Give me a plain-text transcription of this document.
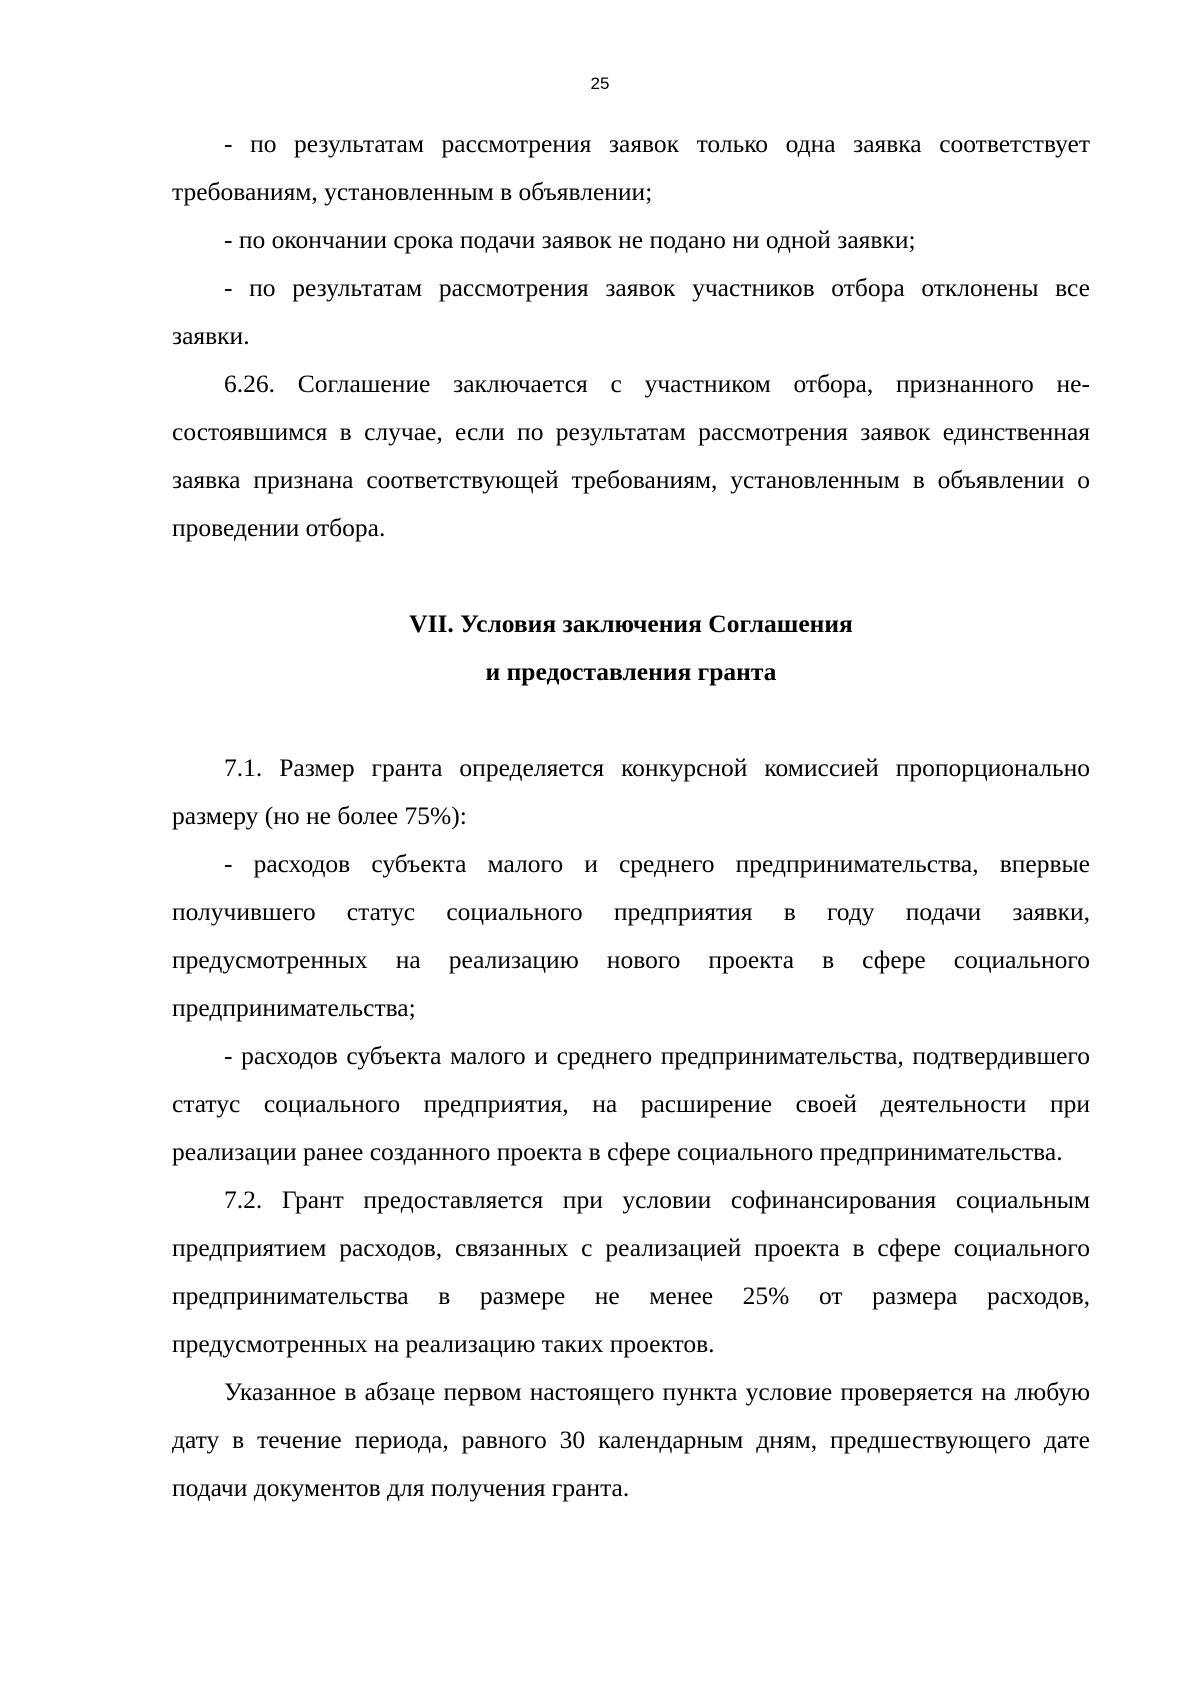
25

- по результатам рассмотрения заявок только одна заявка соответствует требованиям, установленным в объявлении;

- по окончании срока подачи заявок не подано ни одной заявки;

- по результатам рассмотрения заявок участников отбора отклонены все заявки.

6.26. Соглашение заключается с участником отбора, признанного несостоявшимся в случае, если по результатам рассмотрения заявок единственная заявка признана соответствующей требованиям, установленным в объявлении о проведении отбора.

VII. Условия заключения Соглашения

и предоставления гранта

7.1. Размер гранта определяется конкурсной комиссией пропорционально размеру (но не более 75%):

- расходов субъекта малого и среднего предпринимательства, впервые получившего статус социального предприятия в году подачи заявки, предусмотренных на реализацию нового проекта в сфере социального предпринимательства;

- расходов субъекта малого и среднего предпринимательства, подтвердившего статус социального предприятия, на расширение своей деятельности при реализации ранее созданного проекта в сфере социального предпринимательства.

7.2. Грант предоставляется при условии софинансирования социальным предприятием расходов, связанных с реализацией проекта в сфере социального предпринимательства в размере не менее 25% от размера расходов, предусмотренных на реализацию таких проектов.

Указанное в абзаце первом настоящего пункта условие проверяется на любую дату в течение периода, равного 30 календарным дням, предшествующего дате подачи документов для получения гранта.
